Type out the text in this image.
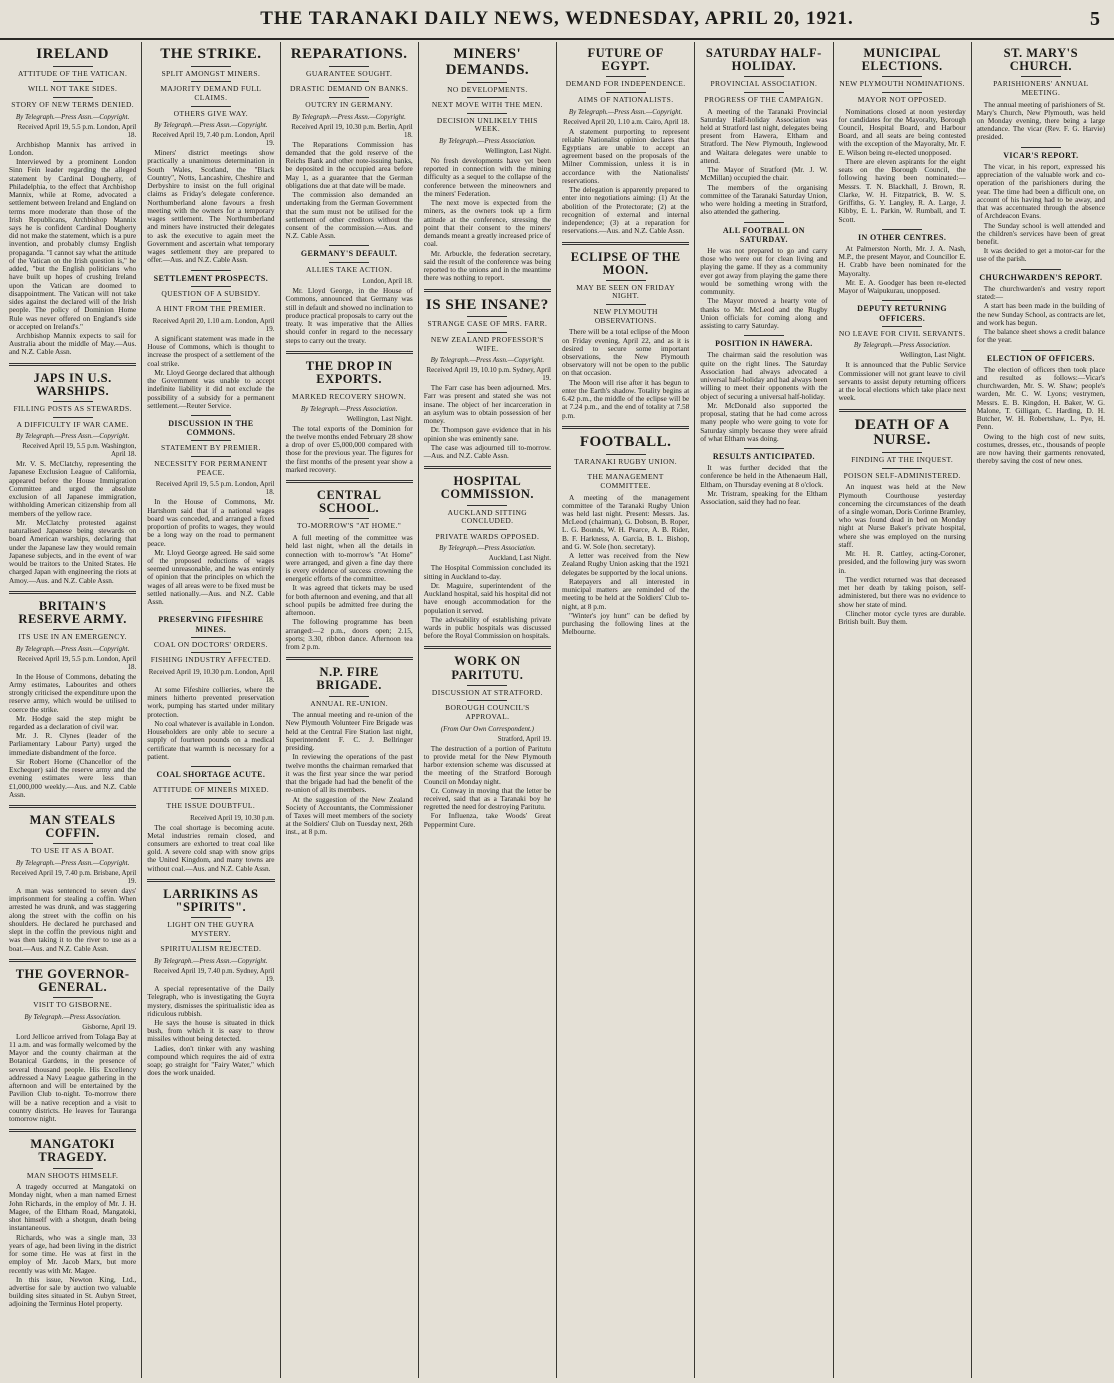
THE TARANAKI DAILY NEWS, WEDNESDAY, APRIL 20, 1921.	5
IRELAND
ATTITUDE OF THE VATICAN.
WILL NOT TAKE SIDES.
STORY OF NEW TERMS DENIED.
By Telegraph.—Press Assn.—Copyright.
Received April 19, 5.5 p.m. London, April 18.

Archbishop Mannix has arrived in London.

Interviewed by a prominent London Sinn Fein leader regarding the alleged statement by Cardinal Dougherty, of Philadelphia, to the effect that Archbishop Mannix, while at Rome, advocated a settlement between Ireland and England on terms more moderate than those of the Irish Republicans, Archbishop Mannix says he is confident Cardinal Dougherty did not make the statement, which is a pure invention, and probably clumsy English propaganda. "I cannot say what the attitude of the Vatican on the Irish question is," he added, "but the English politicians who have built up hopes of crushing Ireland upon the Vatican are doomed to disappointment. The Vatican will not take sides against the declared will of the Irish people. The policy of Dominion Home Rule was never offered on England's side or accepted on Ireland's."

Archbishop Mannix expects to sail for Australia about the middle of May.—Aus. and N.Z. Cable Assn.

JAPS IN U.S. WARSHIPS.
FILLING POSTS AS STEWARDS.
A DIFFICULTY IF WAR CAME.
By Telegraph.—Press Assn.—Copyright.
Received April 19, 5.5 p.m. Washington, April 18.

Mr. V. S. McClatchy, representing the Japanese Exclusion League of California, appeared before the House Immigration Committee and urged the absolute exclusion of all Japanese immigration, withholding American citizenship from all members of the yellow race.

Mr. McClatchy protested against naturalised Japanese being stewards on board American warships, declaring that under the Japanese law they would remain Japanese subjects, and in the event of war would be traitors to the United States. He charged Japan with engineering the riots at Amoy.—Aus. and N.Z. Cable Assn.

BRITAIN'S RESERVE ARMY.
ITS USE IN AN EMERGENCY.
By Telegraph.—Press Assn.—Copyright.
Received April 19, 5.5 p.m. London, April 18.

In the House of Commons, debating the Army estimates, Labourites and others strongly criticised the expenditure upon the reserve army, which would be utilised to coerce the strike.

Mr. Hodge said the step might be regarded as a declaration of civil war.

Mr. J. R. Clynes (leader of the Parliamentary Labour Party) urged the immediate disbandment of the force.

Sir Robert Horne (Chancellor of the Exchequer) said the reserve army and the evening estimates were less than £1,000,000 weekly.—Aus. and N.Z. Cable Assn.

MAN STEALS COFFIN.
TO USE IT AS A BOAT.
By Telegraph.—Press Assn.—Copyright.
Received April 19, 7.40 p.m. Brisbane, April 19.

A man was sentenced to seven days' imprisonment for stealing a coffin. When arrested he was drunk, and was staggering along the street with the coffin on his shoulders. He declared he purchased and slept in the coffin the previous night and was then taking it to the river to use as a boat.—Aus. and N.Z. Cable Assn.

THE GOVERNOR-GENERAL.
VISIT TO GISBORNE.
By Telegraph.—Press Association.
Gisborne, April 19.

Lord Jellicoe arrived from Tolaga Bay at 11 a.m. and was formally welcomed by the Mayor and the county chairman at the Botanical Gardens, in the presence of several thousand people. His Excellency addressed a Navy League gathering in the afternoon and will be entertained by the Pavilion Club to-night. To-morrow there will be a native reception and a visit to country districts. He leaves for Tauranga tomorrow night.

MANGATOKI TRAGEDY.
MAN SHOOTS HIMSELF.

A tragedy occurred at Mangatoki on Monday night, when a man named Ernest John Richards, in the employ of Mr. J. H. Magee, of the Eltham Road, Mangatoki, shot himself with a shotgun, death being instantaneous.

Richards, who was a single man, 33 years of age, had been living in the district for some time. He was at first in the employ of Mr. Jacob Marx, but more recently was with Mr. Magee.

In this issue, Newton King, Ltd., advertise for sale by auction two valuable building sites situated in St. Aubyn Street, adjoining the Terminus Hotel property.

THE STRIKE.
SPLIT AMONGST MINERS.
MAJORITY DEMAND FULL CLAIMS.
OTHERS GIVE WAY.
By Telegraph.—Press Assn.—Copyright.
Received April 19, 7.40 p.m. London, April 19.

Miners' district meetings show practically a unanimous determination in South Wales, Scotland, the "Black Country", Notts, Lancashire, Cheshire and Derbyshire to insist on the full original claims as Friday's delegate conference. Northumberland alone favours a fresh meeting with the owners for a temporary wages settlement. The Northumberland and miners have instructed their delegates to ask the executive to again meet the Government and ascertain what temporary wages settlement they are prepared to offer.—Aus. and N.Z. Cable Assn.

SETTLEMENT PROSPECTS.
QUESTION OF A SUBSIDY.
A HINT FROM THE PREMIER.
Received April 20, 1.10 a.m. London, April 19.

A significant statement was made in the House of Commons, which is thought to increase the prospect of a settlement of the coal strike.

Mr. Lloyd George declared that although the Government was unable to accept indefinite liability it did not exclude the possibility of a subsidy for a permanent settlement.—Reuter Service.

DISCUSSION IN THE COMMONS.
STATEMENT BY PREMIER.
NECESSITY FOR PERMANENT PEACE.
Received April 19, 5.5 p.m. London, April 18.

In the House of Commons, Mr. Hartshorn said that if a national wages board was conceded, and arranged a fixed proportion of profits to wages, they would be a long way on the road to permanent peace.

Mr. Lloyd George agreed. He said some of the proposed reductions of wages seemed unreasonable, and he was entirely of opinion that the principles on which the wages of all areas were to be fixed must be settled nationally.—Aus. and N.Z. Cable Assn.

PRESERVING FIFESHIRE MINES.
COAL ON DOCTORS' ORDERS.
FISHING INDUSTRY AFFECTED.
Received April 19, 10.30 p.m. London, April 18.

At some Fifeshire collieries, where the miners hitherto prevented preservation work, pumping has started under military protection.

No coal whatever is available in London. Householders are only able to secure a supply of fourteen pounds on a medical certificate that warmth is necessary for a patient.

COAL SHORTAGE ACUTE.
ATTITUDE OF MINERS MIXED.
THE ISSUE DOUBTFUL.
Received April 19, 10.30 p.m.

The coal shortage is becoming acute. Metal industries remain closed, and consumers are exhorted to treat coal like gold. A severe cold snap with snow grips the United Kingdom, and many towns are without coal.—Aus. and N.Z. Cable Assn.

LARRIKINS AS "SPIRITS".
LIGHT ON THE GUYRA MYSTERY.
SPIRITUALISM REJECTED.
By Telegraph.—Press Assn.—Copyright.
Received April 19, 7.40 p.m. Sydney, April 19.

A special representative of the Daily Telegraph, who is investigating the Guyra mystery, dismisses the spiritualistic idea as ridiculous rubbish.

He says the house is situated in thick bush, from which it is easy to throw missiles without being detected.

Ladies, don't tinker with any washing compound which requires the aid of extra soap; go straight for "Fairy Water," which does the work unaided.

REPARATIONS.
GUARANTEE SOUGHT.
DRASTIC DEMAND ON BANKS.
OUTCRY IN GERMANY.
By Telegraph.—Press Assn.—Copyright.
Received April 19, 10.30 p.m. Berlin, April 18.

The Reparations Commission has demanded that the gold reserve of the Reichs Bank and other note-issuing banks, be deposited in the occupied area before May 1, as a guarantee that the German obligations due at that date will be made.

The commission also demanded an undertaking from the German Government that the sum must not be utilised for the settlement of other creditors without the consent of the commission.—Aus. and N.Z. Cable Assn.

GERMANY'S DEFAULT.
ALLIES TAKE ACTION.
London, April 18.

Mr. Lloyd George, in the House of Commons, announced that Germany was still in default and showed no inclination to produce practical proposals to carry out the treaty. It was imperative that the Allies should confer in regard to the necessary steps to carry out the treaty.

THE DROP IN EXPORTS.
MARKED RECOVERY SHOWN.
By Telegraph.—Press Association.
Wellington, Last Night.

The total exports of the Dominion for the twelve months ended February 28 show a drop of over £5,000,000 compared with those for the previous year. The figures for the first months of the present year show a marked recovery.

CENTRAL SCHOOL.
TO-MORROW'S "AT HOME."

A full meeting of the committee was held last night, when all the details in connection with to-morrow's "At Home" were arranged, and given a fine day there is every evidence of success crowning the energetic efforts of the committee.

It was agreed that tickets may be used for both afternoon and evening, and that all school pupils be admitted free during the afternoon.

The following programme has been arranged:—2 p.m., doors open; 2.15, sports; 3.30, ribbon dance. Afternoon tea from 2 p.m.

N.P. FIRE BRIGADE.
ANNUAL RE-UNION.

The annual meeting and re-union of the New Plymouth Volunteer Fire Brigade was held at the Central Fire Station last night, Superintendent F. C. J. Bellringer presiding.

In reviewing the operations of the past twelve months the chairman remarked that it was the first year since the war period that the brigade had had the benefit of the re-union of all its members.

At the suggestion of the New Zealand Society of Accountants, the Commissioner of Taxes will meet members of the society at the Soldiers' Club on Tuesday next, 26th inst., at 8 p.m.

MINERS' DEMANDS.
NO DEVELOPMENTS.
NEXT MOVE WITH THE MEN.
DECISION UNLIKELY THIS WEEK.
By Telegraph.—Press Association.
Wellington, Last Night.

No fresh developments have yet been reported in connection with the mining difficulty as a sequel to the collapse of the conference between the mineowners and the miners' Federation.

The next move is expected from the miners, as the owners took up a firm attitude at the conference, stressing the point that their consent to the miners' demands meant a greatly increased price of coal.

Mr. Arbuckle, the federation secretary, said the result of the conference was being reported to the unions and in the meantime there was nothing to report.

IS SHE INSANE?
STRANGE CASE OF MRS. FARR.
NEW ZEALAND PROFESSOR'S WIFE.
By Telegraph.—Press Assn.—Copyright.
Received April 19, 10.10 p.m. Sydney, April 19.

The Farr case has been adjourned. Mrs. Farr was present and stated she was not insane. The object of her incarceration in an asylum was to obtain possession of her money.

Dr. Thompson gave evidence that in his opinion she was eminently sane.

The case was adjourned till to-morrow.—Aus. and N.Z. Cable Assn.

HOSPITAL COMMISSION.
AUCKLAND SITTING CONCLUDED.
PRIVATE WARDS OPPOSED.
By Telegraph.—Press Association.
Auckland, Last Night.

The Hospital Commission concluded its sitting in Auckland to-day.

Dr. Maguire, superintendent of the Auckland hospital, said his hospital did not have enough accommodation for the population it served.

The advisability of establishing private wards in public hospitals was discussed before the Royal Commission on hospitals.

WORK ON PARITUTU.
DISCUSSION AT STRATFORD.
BOROUGH COUNCIL'S APPROVAL.
(From Our Own Correspondent.)
Stratford, April 19.

The destruction of a portion of Paritutu to provide metal for the New Plymouth harbor extension scheme was discussed at the meeting of the Stratford Borough Council on Monday night.

Cr. Conway in moving that the letter be received, said that as a Taranaki boy he regretted the need for destroying Paritutu.

For Influenza, take Woods' Great Peppermint Cure.

FUTURE OF EGYPT.
DEMAND FOR INDEPENDENCE.
AIMS OF NATIONALISTS.
By Telegraph.—Press Assn.—Copyright.
Received April 20, 1.10 a.m. Cairo, April 18.

A statement purporting to represent reliable Nationalist opinion declares that Egyptians are unable to accept an agreement based on the proposals of the Milner Commission, unless it is in accordance with the Nationalists' reservations.

The delegation is apparently prepared to enter into negotiations aiming: (1) At the abolition of the Protectorate; (2) at the recognition of external and internal independence; (3) at a reparation for reservations.—Aus. and N.Z. Cable Assn.

ECLIPSE OF THE MOON.
MAY BE SEEN ON FRIDAY NIGHT.
NEW PLYMOUTH OBSERVATIONS.

There will be a total eclipse of the Moon on Friday evening, April 22, and as it is desired to secure some important observations, the New Plymouth observatory will not be open to the public on that occasion.

The Moon will rise after it has begun to enter the Earth's shadow. Totality begins at 6.42 p.m., the middle of the eclipse will be at 7.24 p.m., and the end of totality at 7.58 p.m.

FOOTBALL.
TARANAKI RUGBY UNION.
THE MANAGEMENT COMMITTEE.

A meeting of the management committee of the Taranaki Rugby Union was held last night. Present: Messrs. Jas. McLeod (chairman), G. Dobson, B. Roper, L. G. Bounds, W. H. Pearce, A. B. Rider, B. F. Harkness, A. Garcia, B. L. Bishop, and G. W. Sole (hon. secretary).

A letter was received from the New Zealand Rugby Union asking that the 1921 delegates be supported by the local unions.

Ratepayers and all interested in municipal matters are reminded of the meeting to be held at the Soldiers' Club to-night, at 8 p.m.

"Winter's joy hunt" can be defied by purchasing the following lines at the Melbourne.

SATURDAY HALF-HOLIDAY.
PROVINCIAL ASSOCIATION.
PROGRESS OF THE CAMPAIGN.

A meeting of the Taranaki Provincial Saturday Half-holiday Association was held at Stratford last night, delegates being present from Hawera, Eltham and Stratford. The New Plymouth, Inglewood and Waitara delegates were unable to attend.

The Mayor of Stratford (Mr. J. W. McMillan) occupied the chair.

The members of the organising committee of the Taranaki Saturday Union, who were holding a meeting in Stratford, also attended the gathering.

ALL FOOTBALL ON SATURDAY.

He was not prepared to go and carry those who were out for clean living and playing the game. If they as a community ever got away from playing the game there would be something wrong with the community.

The Mayor moved a hearty vote of thanks to Mr. McLeod and the Rugby Union officials for coming along and assisting to carry Saturday.

POSITION IN HAWERA.

The chairman said the resolution was quite on the right lines. The Saturday Association had always advocated a universal half-holiday and had always been willing to meet their opponents with the object of securing a universal half-holiday.

Mr. McDonald also supported the proposal, stating that he had come across many people who were going to vote for Saturday simply because they were afraid of what Eltham was doing.

RESULTS ANTICIPATED.

It was further decided that the conference be held in the Athenaeum Hall, Eltham, on Thursday evening at 8 o'clock.

Mr. Tristram, speaking for the Eltham Association, said they had no fear.

MUNICIPAL ELECTIONS.
NEW PLYMOUTH NOMINATIONS.
MAYOR NOT OPPOSED.

Nominations closed at noon yesterday for candidates for the Mayoralty, Borough Council, Hospital Board, and Harbour Board, and all seats are being contested with the exception of the Mayoralty, Mr. F. E. Wilson being re-elected unopposed.

There are eleven aspirants for the eight seats on the Borough Council, the following having been nominated:—Messrs. T. N. Blackhall, J. Brown, R. Clarke, W. H. Fitzpatrick, B. W. S. Griffiths, G. Y. Langley, R. A. Large, J. Kibby, E. L. Parkin, W. Rumball, and T. Scott.

IN OTHER CENTRES.

At Palmerston North, Mr. J. A. Nash, M.P., the present Mayor, and Councillor E. H. Crabb have been nominated for the Mayoralty.

Mr. E. A. Goodger has been re-elected Mayor of Waipukurau, unopposed.

DEPUTY RETURNING OFFICERS.
NO LEAVE FOR CIVIL SERVANTS.
By Telegraph.—Press Association.
Wellington, Last Night.

It is announced that the Public Service Commissioner will not grant leave to civil servants to assist deputy returning officers at the local elections which take place next week.

DEATH OF A NURSE.
FINDING AT THE INQUEST.
POISON SELF-ADMINISTERED.

An inquest was held at the New Plymouth Courthouse yesterday concerning the circumstances of the death of a single woman, Doris Corinne Bramley, who was found dead in bed on Monday night at Nurse Baker's private hospital, where she was employed on the nursing staff.

Mr. H. R. Cattley, acting-Coroner, presided, and the following jury was sworn in.

The verdict returned was that deceased met her death by taking poison, self-administered, but there was no evidence to show her state of mind.

Clincher motor cycle tyres are durable. British built. Buy them.

ST. MARY'S CHURCH.
PARISHIONERS' ANNUAL MEETING.

The annual meeting of parishioners of St. Mary's Church, New Plymouth, was held on Monday evening, there being a large attendance. The vicar (Rev. F. G. Harvie) presided.

VICAR'S REPORT.

The vicar, in his report, expressed his appreciation of the valuable work and co-operation of the parishioners during the year. The time had been a difficult one, on account of his having had to be away, and that was accentuated through the absence of Archdeacon Evans.

The Sunday school is well attended and the children's services have been of great benefit.

It was decided to get a motor-car for the use of the parish.

CHURCHWARDEN'S REPORT.

The churchwarden's and vestry report stated:—

A start has been made in the building of the new Sunday School, as contracts are let, and work has begun.

The balance sheet shows a credit balance for the year.

ELECTION OF OFFICERS.

The election of officers then took place and resulted as follows:—Vicar's churchwarden, Mr. S. W. Shaw; people's warden, Mr. C. W. Lyons; vestrymen, Messrs. E. B. Kingdon, H. Baker, W. G. Malone, T. Gilligan, C. Harding, D. H. Butcher, W. H. Robertshaw, L. Pye, H. Penn.

Owing to the high cost of new suits, costumes, dresses, etc., thousands of people are now having their garments renovated, thereby saving the cost of new ones.
